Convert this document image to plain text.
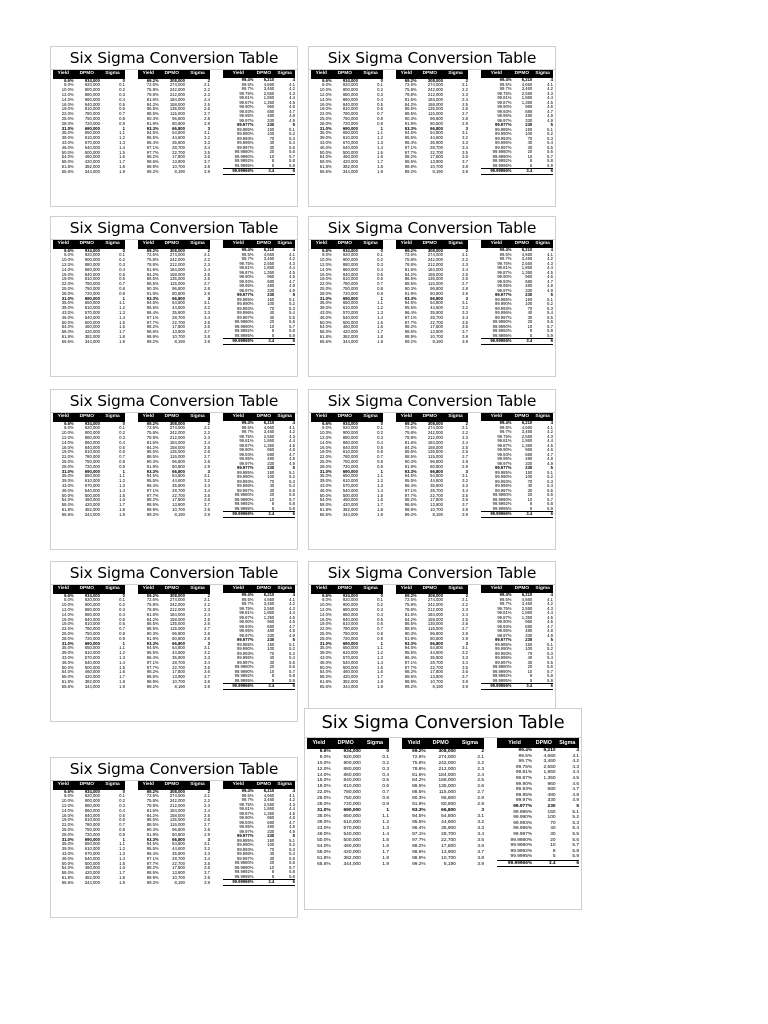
Six Sigma Conversion Table
Yield	DPMO	Sigma
6.6%	934,000	0
8.0%	920,000	0.1
10.0%	900,000	0.2
12.0%	880,000	0.3
14.0%	860,000	0.4
16.0%	840,000	0.5
19.0%	810,000	0.6
22.0%	780,000	0.7
25.0%	750,000	0.8
28.0%	720,000	0.9
31.0%	690,000	1
35.0%	650,000	1.1
39.0%	610,000	1.2
43.0%	570,000	1.3
46.0%	540,000	1.4
50.0%	500,000	1.5
54.0%	460,000	1.6
58.0%	420,000	1.7
61.8%	382,000	1.8
65.6%	344,000	1.9
Yield	DPMO	Sigma
69.2%	308,000	2
72.6%	274,000	2.1
75.8%	242,000	2.2
78.8%	212,000	2.3
81.6%	184,000	2.4
84.2%	158,000	2.5
86.5%	135,000	2.6
88.5%	115,000	2.7
90.3%	96,800	2.8
91.9%	80,800	2.9
93.3%	66,800	3
94.5%	54,800	3.1
95.5%	44,600	3.2
96.4%	35,900	3.3
97.1%	28,700	3.4
97.7%	22,700	3.5
98.2%	17,800	3.6
98.6%	13,900	3.7
98.9%	10,700	3.8
99.2%	8,190	3.9
Yield	DPMO	Sigma
99.4%	6,210	4
99.5%	4,660	4.1
99.7%	3,460	4.2
99.75%	2,550	4.3
99.81%	1,860	4.4
99.87%	1,350	4.5
99.90%	960	4.6
99.93%	680	4.7
99.95%	480	4.8
99.97%	330	4.9
99.977%	230	5
99.985%	150	5.1
99.990%	100	5.2
99.993%	70	5.3
99.996%	40	5.4
99.997%	30	5.5
99.9980%	20	5.6
99.9990%	10	5.7
99.9992%	8	5.8
99.9995%	5	5.9
99.99966%	3.4	6
Six Sigma Conversion Table
Yield	DPMO	Sigma
6.6%	934,000	0
8.0%	920,000	0.1
10.0%	900,000	0.2
12.0%	880,000	0.3
14.0%	860,000	0.4
16.0%	840,000	0.5
19.0%	810,000	0.6
22.0%	780,000	0.7
25.0%	750,000	0.8
28.0%	720,000	0.9
31.0%	690,000	1
35.0%	650,000	1.1
39.0%	610,000	1.2
43.0%	570,000	1.3
46.0%	540,000	1.4
50.0%	500,000	1.5
54.0%	460,000	1.6
58.0%	420,000	1.7
61.8%	382,000	1.8
65.6%	344,000	1.9
Yield	DPMO	Sigma
69.2%	308,000	2
72.6%	274,000	2.1
75.8%	242,000	2.2
78.8%	212,000	2.3
81.6%	184,000	2.4
84.2%	158,000	2.5
86.5%	135,000	2.6
88.5%	115,000	2.7
90.3%	96,800	2.8
91.9%	80,800	2.9
93.3%	66,800	3
94.5%	54,800	3.1
95.5%	44,600	3.2
96.4%	35,900	3.3
97.1%	28,700	3.4
97.7%	22,700	3.5
98.2%	17,800	3.6
98.6%	13,900	3.7
98.9%	10,700	3.8
99.2%	8,190	3.9
Yield	DPMO	Sigma
99.4%	6,210	4
99.5%	4,660	4.1
99.7%	3,460	4.2
99.75%	2,550	4.3
99.81%	1,860	4.4
99.87%	1,350	4.5
99.90%	960	4.6
99.93%	680	4.7
99.95%	480	4.8
99.97%	330	4.9
99.977%	230	5
99.985%	150	5.1
99.990%	100	5.2
99.993%	70	5.3
99.996%	40	5.4
99.997%	30	5.5
99.9980%	20	5.6
99.9990%	10	5.7
99.9992%	8	5.8
99.9995%	5	5.9
99.99966%	3.4	6
Six Sigma Conversion Table
Yield	DPMO	Sigma
6.6%	934,000	0
8.0%	920,000	0.1
10.0%	900,000	0.2
12.0%	880,000	0.3
14.0%	860,000	0.4
16.0%	840,000	0.5
19.0%	810,000	0.6
22.0%	780,000	0.7
25.0%	750,000	0.8
28.0%	720,000	0.9
31.0%	690,000	1
35.0%	650,000	1.1
39.0%	610,000	1.2
43.0%	570,000	1.3
46.0%	540,000	1.4
50.0%	500,000	1.5
54.0%	460,000	1.6
58.0%	420,000	1.7
61.8%	382,000	1.8
65.6%	344,000	1.9
Yield	DPMO	Sigma
69.2%	308,000	2
72.6%	274,000	2.1
75.8%	242,000	2.2
78.8%	212,000	2.3
81.6%	184,000	2.4
84.2%	158,000	2.5
86.5%	135,000	2.6
88.5%	115,000	2.7
90.3%	96,800	2.8
91.9%	80,800	2.9
93.3%	66,800	3
94.5%	54,800	3.1
95.5%	44,600	3.2
96.4%	35,900	3.3
97.1%	28,700	3.4
97.7%	22,700	3.5
98.2%	17,800	3.6
98.6%	13,900	3.7
98.9%	10,700	3.8
99.2%	8,190	3.9
Yield	DPMO	Sigma
99.4%	6,210	4
99.5%	4,660	4.1
99.7%	3,460	4.2
99.75%	2,550	4.3
99.81%	1,860	4.4
99.87%	1,350	4.5
99.90%	960	4.6
99.93%	680	4.7
99.95%	480	4.8
99.97%	330	4.9
99.977%	230	5
99.985%	150	5.1
99.990%	100	5.2
99.993%	70	5.3
99.996%	40	5.4
99.997%	30	5.5
99.9980%	20	5.6
99.9990%	10	5.7
99.9992%	8	5.8
99.9995%	5	5.9
99.99966%	3.4	6
Six Sigma Conversion Table
Yield	DPMO	Sigma
6.6%	934,000	0
8.0%	920,000	0.1
10.0%	900,000	0.2
12.0%	880,000	0.3
14.0%	860,000	0.4
16.0%	840,000	0.5
19.0%	810,000	0.6
22.0%	780,000	0.7
25.0%	750,000	0.8
28.0%	720,000	0.9
31.0%	690,000	1
35.0%	650,000	1.1
39.0%	610,000	1.2
43.0%	570,000	1.3
46.0%	540,000	1.4
50.0%	500,000	1.5
54.0%	460,000	1.6
58.0%	420,000	1.7
61.8%	382,000	1.8
65.6%	344,000	1.9
Yield	DPMO	Sigma
69.2%	308,000	2
72.6%	274,000	2.1
75.8%	242,000	2.2
78.8%	212,000	2.3
81.6%	184,000	2.4
84.2%	158,000	2.5
86.5%	135,000	2.6
88.5%	115,000	2.7
90.3%	96,800	2.8
91.9%	80,800	2.9
93.3%	66,800	3
94.5%	54,800	3.1
95.5%	44,600	3.2
96.4%	35,900	3.3
97.1%	28,700	3.4
97.7%	22,700	3.5
98.2%	17,800	3.6
98.6%	13,900	3.7
98.9%	10,700	3.8
99.2%	8,190	3.9
Yield	DPMO	Sigma
99.4%	6,210	4
99.5%	4,660	4.1
99.7%	3,460	4.2
99.75%	2,550	4.3
99.81%	1,860	4.4
99.87%	1,350	4.5
99.90%	960	4.6
99.93%	680	4.7
99.95%	480	4.8
99.97%	330	4.9
99.977%	230	5
99.985%	150	5.1
99.990%	100	5.2
99.993%	70	5.3
99.996%	40	5.4
99.997%	30	5.5
99.9980%	20	5.6
99.9990%	10	5.7
99.9992%	8	5.8
99.9995%	5	5.9
99.99966%	3.4	6
Six Sigma Conversion Table
Yield	DPMO	Sigma
6.6%	934,000	0
8.0%	920,000	0.1
10.0%	900,000	0.2
12.0%	880,000	0.3
14.0%	860,000	0.4
16.0%	840,000	0.5
19.0%	810,000	0.6
22.0%	780,000	0.7
25.0%	750,000	0.8
28.0%	720,000	0.9
31.0%	690,000	1
35.0%	650,000	1.1
39.0%	610,000	1.2
43.0%	570,000	1.3
46.0%	540,000	1.4
50.0%	500,000	1.5
54.0%	460,000	1.6
58.0%	420,000	1.7
61.8%	382,000	1.8
65.6%	344,000	1.9
Yield	DPMO	Sigma
69.2%	308,000	2
72.6%	274,000	2.1
75.8%	242,000	2.2
78.8%	212,000	2.3
81.6%	184,000	2.4
84.2%	158,000	2.5
86.5%	135,000	2.6
88.5%	115,000	2.7
90.3%	96,800	2.8
91.9%	80,800	2.9
93.3%	66,800	3
94.5%	54,800	3.1
95.5%	44,600	3.2
96.4%	35,900	3.3
97.1%	28,700	3.4
97.7%	22,700	3.5
98.2%	17,800	3.6
98.6%	13,900	3.7
98.9%	10,700	3.8
99.2%	8,190	3.9
Yield	DPMO	Sigma
99.4%	6,210	4
99.5%	4,660	4.1
99.7%	3,460	4.2
99.75%	2,550	4.3
99.81%	1,860	4.4
99.87%	1,350	4.5
99.90%	960	4.6
99.93%	680	4.7
99.95%	480	4.8
99.97%	330	4.9
99.977%	230	5
99.985%	150	5.1
99.990%	100	5.2
99.993%	70	5.3
99.996%	40	5.4
99.997%	30	5.5
99.9980%	20	5.6
99.9990%	10	5.7
99.9992%	8	5.8
99.9995%	5	5.9
99.99966%	3.4	6
Six Sigma Conversion Table
Yield	DPMO	Sigma
6.6%	934,000	0
8.0%	920,000	0.1
10.0%	900,000	0.2
12.0%	880,000	0.3
14.0%	860,000	0.4
16.0%	840,000	0.5
19.0%	810,000	0.6
22.0%	780,000	0.7
25.0%	750,000	0.8
28.0%	720,000	0.9
31.0%	690,000	1
35.0%	650,000	1.1
39.0%	610,000	1.2
43.0%	570,000	1.3
46.0%	540,000	1.4
50.0%	500,000	1.5
54.0%	460,000	1.6
58.0%	420,000	1.7
61.8%	382,000	1.8
65.6%	344,000	1.9
Yield	DPMO	Sigma
69.2%	308,000	2
72.6%	274,000	2.1
75.8%	242,000	2.2
78.8%	212,000	2.3
81.6%	184,000	2.4
84.2%	158,000	2.5
86.5%	135,000	2.6
88.5%	115,000	2.7
90.3%	96,800	2.8
91.9%	80,800	2.9
93.3%	66,800	3
94.5%	54,800	3.1
95.5%	44,600	3.2
96.4%	35,900	3.3
97.1%	28,700	3.4
97.7%	22,700	3.5
98.2%	17,800	3.6
98.6%	13,900	3.7
98.9%	10,700	3.8
99.2%	8,190	3.9
Yield	DPMO	Sigma
99.4%	6,210	4
99.5%	4,660	4.1
99.7%	3,460	4.2
99.75%	2,550	4.3
99.81%	1,860	4.4
99.87%	1,350	4.5
99.90%	960	4.6
99.93%	680	4.7
99.95%	480	4.8
99.97%	330	4.9
99.977%	230	5
99.985%	150	5.1
99.990%	100	5.2
99.993%	70	5.3
99.996%	40	5.4
99.997%	30	5.5
99.9980%	20	5.6
99.9990%	10	5.7
99.9992%	8	5.8
99.9995%	5	5.9
99.99966%	3.4	6
Six Sigma Conversion Table
Yield	DPMO	Sigma
6.6%	934,000	0
8.0%	920,000	0.1
10.0%	900,000	0.2
12.0%	880,000	0.3
14.0%	860,000	0.4
16.0%	840,000	0.5
19.0%	810,000	0.6
22.0%	780,000	0.7
25.0%	750,000	0.8
28.0%	720,000	0.9
31.0%	690,000	1
35.0%	650,000	1.1
39.0%	610,000	1.2
43.0%	570,000	1.3
46.0%	540,000	1.4
50.0%	500,000	1.5
54.0%	460,000	1.6
58.0%	420,000	1.7
61.8%	382,000	1.8
65.6%	344,000	1.9
Yield	DPMO	Sigma
69.2%	308,000	2
72.6%	274,000	2.1
75.8%	242,000	2.2
78.8%	212,000	2.3
81.6%	184,000	2.4
84.2%	158,000	2.5
86.5%	135,000	2.6
88.5%	115,000	2.7
90.3%	96,800	2.8
91.9%	80,800	2.9
93.3%	66,800	3
94.5%	54,800	3.1
95.5%	44,600	3.2
96.4%	35,900	3.3
97.1%	28,700	3.4
97.7%	22,700	3.5
98.2%	17,800	3.6
98.6%	13,900	3.7
98.9%	10,700	3.8
99.2%	8,190	3.9
Yield	DPMO	Sigma
99.4%	6,210	4
99.5%	4,660	4.1
99.7%	3,460	4.2
99.75%	2,550	4.3
99.81%	1,860	4.4
99.87%	1,350	4.5
99.90%	960	4.6
99.93%	680	4.7
99.95%	480	4.8
99.97%	330	4.9
99.977%	230	5
99.985%	150	5.1
99.990%	100	5.2
99.993%	70	5.3
99.996%	40	5.4
99.997%	30	5.5
99.9980%	20	5.6
99.9990%	10	5.7
99.9992%	8	5.8
99.9995%	5	5.9
99.99966%	3.4	6
Six Sigma Conversion Table
Yield	DPMO	Sigma
6.6%	934,000	0
8.0%	920,000	0.1
10.0%	900,000	0.2
12.0%	880,000	0.3
14.0%	860,000	0.4
16.0%	840,000	0.5
19.0%	810,000	0.6
22.0%	780,000	0.7
25.0%	750,000	0.8
28.0%	720,000	0.9
31.0%	690,000	1
35.0%	650,000	1.1
39.0%	610,000	1.2
43.0%	570,000	1.3
46.0%	540,000	1.4
50.0%	500,000	1.5
54.0%	460,000	1.6
58.0%	420,000	1.7
61.8%	382,000	1.8
65.6%	344,000	1.9
Yield	DPMO	Sigma
69.2%	308,000	2
72.6%	274,000	2.1
75.8%	242,000	2.2
78.8%	212,000	2.3
81.6%	184,000	2.4
84.2%	158,000	2.5
86.5%	135,000	2.6
88.5%	115,000	2.7
90.3%	96,800	2.8
91.9%	80,800	2.9
93.3%	66,800	3
94.5%	54,800	3.1
95.5%	44,600	3.2
96.4%	35,900	3.3
97.1%	28,700	3.4
97.7%	22,700	3.5
98.2%	17,800	3.6
98.6%	13,900	3.7
98.9%	10,700	3.8
99.2%	8,190	3.9
Yield	DPMO	Sigma
99.4%	6,210	4
99.5%	4,660	4.1
99.7%	3,460	4.2
99.75%	2,550	4.3
99.81%	1,860	4.4
99.87%	1,350	4.5
99.90%	960	4.6
99.93%	680	4.7
99.95%	480	4.8
99.97%	330	4.9
99.977%	230	5
99.985%	150	5.1
99.990%	100	5.2
99.993%	70	5.3
99.996%	40	5.4
99.997%	30	5.5
99.9980%	20	5.6
99.9990%	10	5.7
99.9992%	8	5.8
99.9995%	5	5.9
99.99966%	3.4	6
Six Sigma Conversion Table
Yield	DPMO	Sigma
6.6%	934,000	0
8.0%	920,000	0.1
10.0%	900,000	0.2
12.0%	880,000	0.3
14.0%	860,000	0.4
16.0%	840,000	0.5
19.0%	810,000	0.6
22.0%	780,000	0.7
25.0%	750,000	0.8
28.0%	720,000	0.9
31.0%	690,000	1
35.0%	650,000	1.1
39.0%	610,000	1.2
43.0%	570,000	1.3
46.0%	540,000	1.4
50.0%	500,000	1.5
54.0%	460,000	1.6
58.0%	420,000	1.7
61.8%	382,000	1.8
65.6%	344,000	1.9
Yield	DPMO	Sigma
69.2%	308,000	2
72.6%	274,000	2.1
75.8%	242,000	2.2
78.8%	212,000	2.3
81.6%	184,000	2.4
84.2%	158,000	2.5
86.5%	135,000	2.6
88.5%	115,000	2.7
90.3%	96,800	2.8
91.9%	80,800	2.9
93.3%	66,800	3
94.5%	54,800	3.1
95.5%	44,600	3.2
96.4%	35,900	3.3
97.1%	28,700	3.4
97.7%	22,700	3.5
98.2%	17,800	3.6
98.6%	13,900	3.7
98.9%	10,700	3.8
99.2%	8,190	3.9
Yield	DPMO	Sigma
99.4%	6,210	4
99.5%	4,660	4.1
99.7%	3,460	4.2
99.75%	2,550	4.3
99.81%	1,860	4.4
99.87%	1,350	4.5
99.90%	960	4.6
99.93%	680	4.7
99.95%	480	4.8
99.97%	330	4.9
99.977%	230	5
99.985%	150	5.1
99.990%	100	5.2
99.993%	70	5.3
99.996%	40	5.4
99.997%	30	5.5
99.9980%	20	5.6
99.9990%	10	5.7
99.9992%	8	5.8
99.9995%	5	5.9
99.99966%	3.4	6
Six Sigma Conversion Table
Yield	DPMO	Sigma
6.6%	934,000	0
8.0%	920,000	0.1
10.0%	900,000	0.2
12.0%	880,000	0.3
14.0%	860,000	0.4
16.0%	840,000	0.5
19.0%	810,000	0.6
22.0%	780,000	0.7
25.0%	750,000	0.8
28.0%	720,000	0.9
31.0%	690,000	1
35.0%	650,000	1.1
39.0%	610,000	1.2
43.0%	570,000	1.3
46.0%	540,000	1.4
50.0%	500,000	1.5
54.0%	460,000	1.6
58.0%	420,000	1.7
61.8%	382,000	1.8
65.6%	344,000	1.9
Yield	DPMO	Sigma
69.2%	308,000	2
72.6%	274,000	2.1
75.8%	242,000	2.2
78.8%	212,000	2.3
81.6%	184,000	2.4
84.2%	158,000	2.5
86.5%	135,000	2.6
88.5%	115,000	2.7
90.3%	96,800	2.8
91.9%	80,800	2.9
93.3%	66,800	3
94.5%	54,800	3.1
95.5%	44,600	3.2
96.4%	35,900	3.3
97.1%	28,700	3.4
97.7%	22,700	3.5
98.2%	17,800	3.6
98.6%	13,900	3.7
98.9%	10,700	3.8
99.2%	8,190	3.9
Yield	DPMO	Sigma
99.4%	6,210	4
99.5%	4,660	4.1
99.7%	3,460	4.2
99.75%	2,550	4.3
99.81%	1,860	4.4
99.87%	1,350	4.5
99.90%	960	4.6
99.93%	680	4.7
99.95%	480	4.8
99.97%	330	4.9
99.977%	230	5
99.985%	150	5.1
99.990%	100	5.2
99.993%	70	5.3
99.996%	40	5.4
99.997%	30	5.5
99.9980%	20	5.6
99.9990%	10	5.7
99.9992%	8	5.8
99.9995%	5	5.9
99.99966%	3.4	6
